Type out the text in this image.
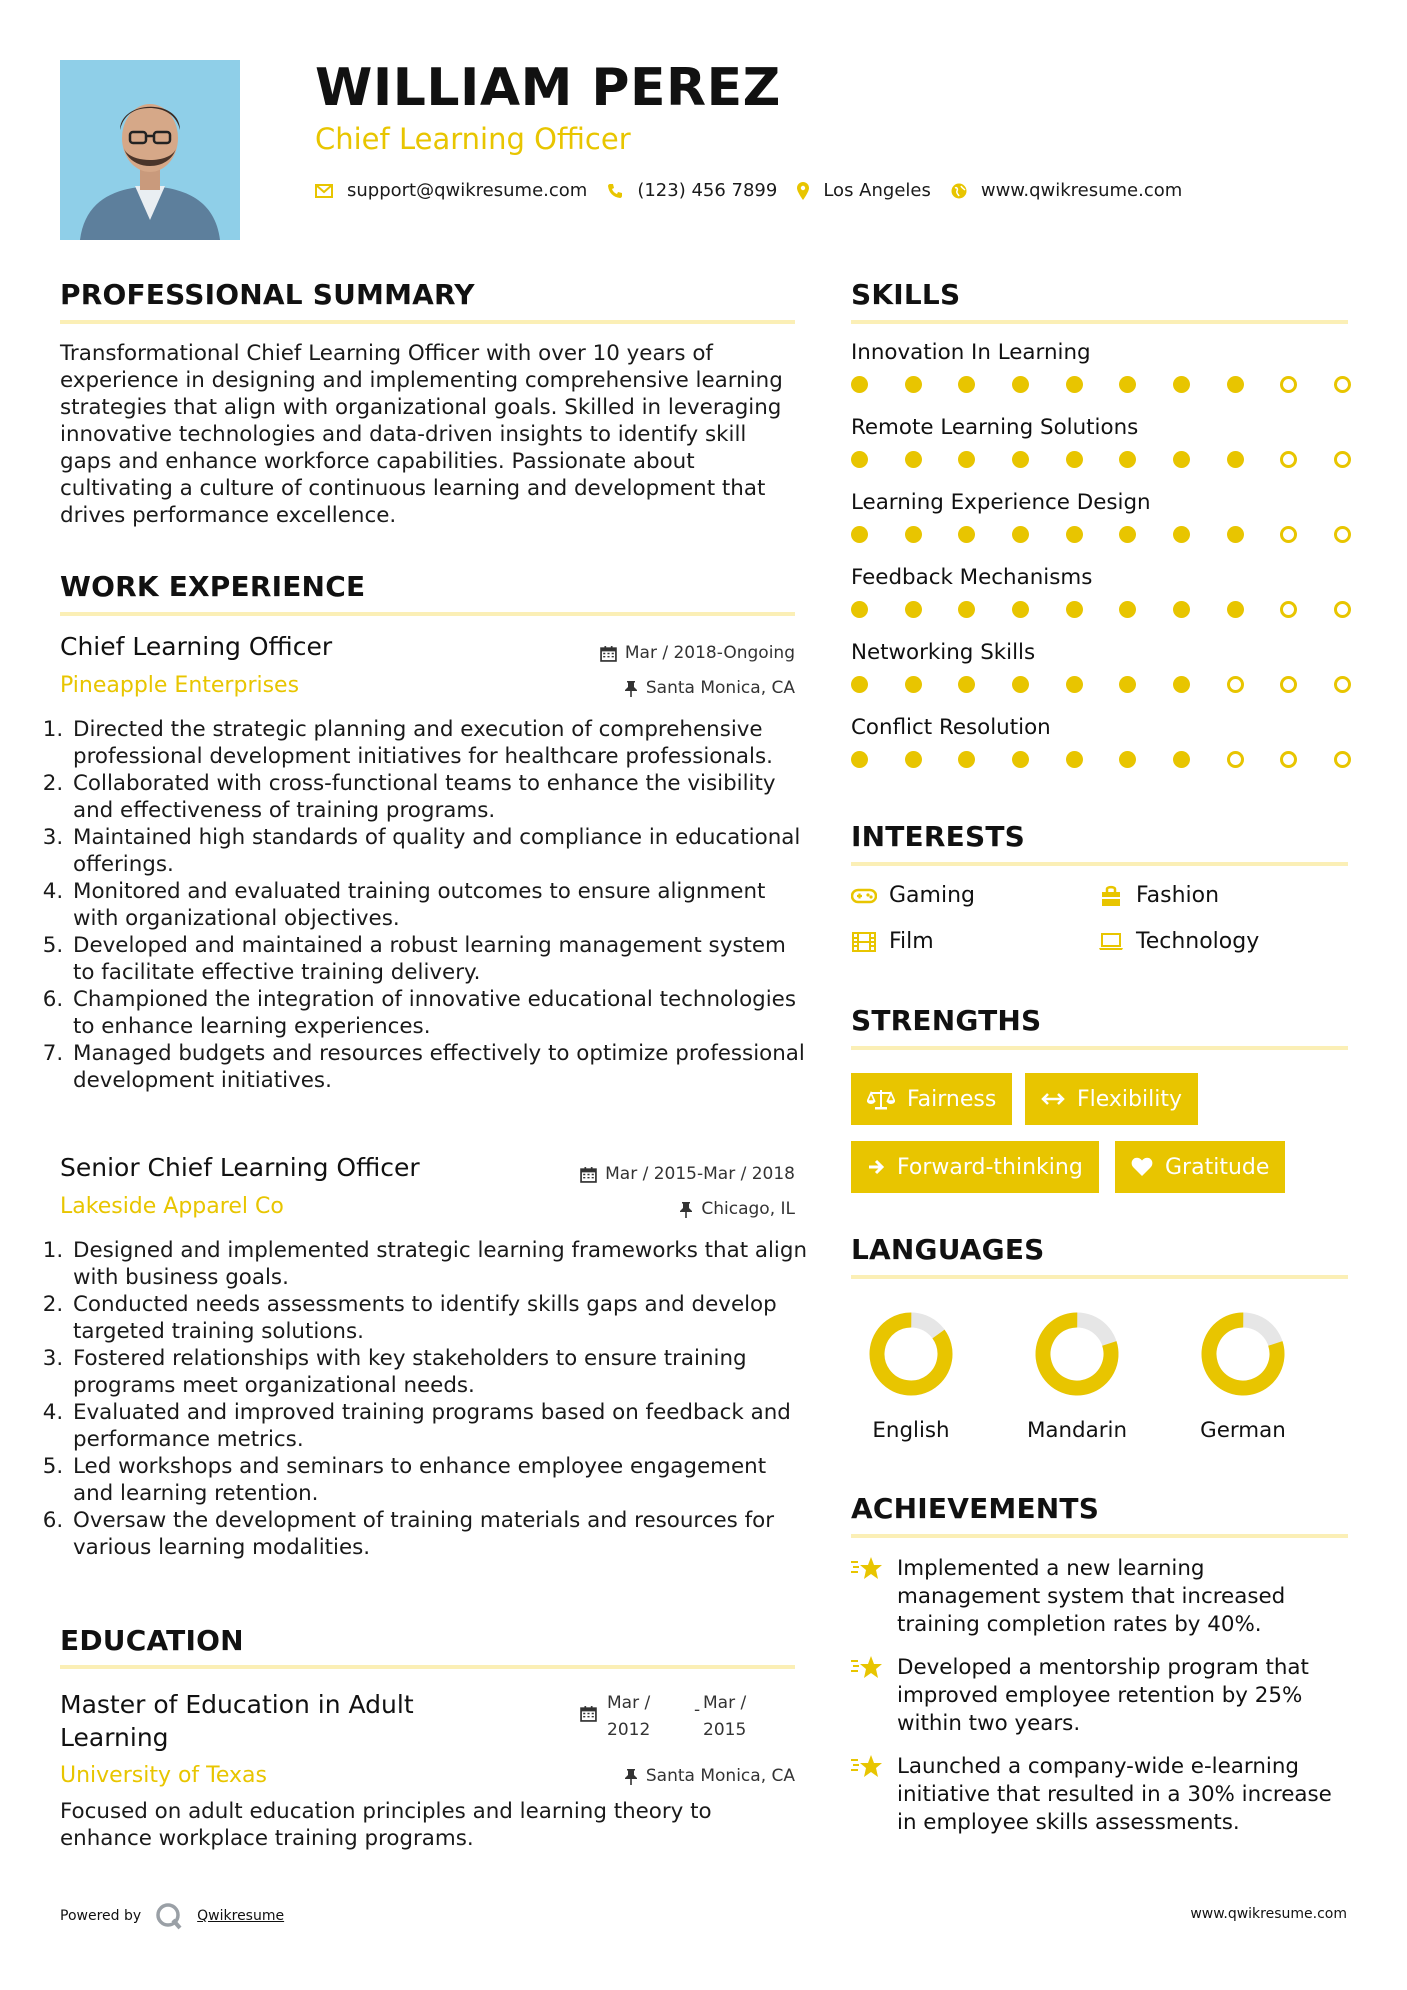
WILLIAM PEREZ
Chief Learning Officer
support@qwikresume.com	(123) 456 7899	Los Angeles	www.qwikresume.com
PROFESSIONAL SUMMARY
Transformational Chief Learning Officer with over 10 years of experience in designing and implementing comprehensive learning strategies that align with organizational goals. Skilled in leveraging innovative technologies and data-driven insights to identify skill gaps and enhance workforce capabilities. Passionate about cultivating a culture of continuous learning and development that drives performance excellence.
WORK EXPERIENCE
Chief Learning Officer	Mar / 2018-Ongoing
Pineapple Enterprises	Santa Monica, CA
1. Directed the strategic planning and execution of comprehensive professional development initiatives for healthcare professionals.
2. Collaborated with cross-functional teams to enhance the visibility and effectiveness of training programs.
3. Maintained high standards of quality and compliance in educational offerings.
4. Monitored and evaluated training outcomes to ensure alignment with organizational objectives.
5. Developed and maintained a robust learning management system to facilitate effective training delivery.
6. Championed the integration of innovative educational technologies to enhance learning experiences.
7. Managed budgets and resources effectively to optimize professional development initiatives.
Senior Chief Learning Officer	Mar / 2015-Mar / 2018
Lakeside Apparel Co	Chicago, IL
1. Designed and implemented strategic learning frameworks that align with business goals.
2. Conducted needs assessments to identify skills gaps and develop targeted training solutions.
3. Fostered relationships with key stakeholders to ensure training programs meet organizational needs.
4. Evaluated and improved training programs based on feedback and performance metrics.
5. Led workshops and seminars to enhance employee engagement and learning retention.
6. Oversaw the development of training materials and resources for various learning modalities.
EDUCATION
Master of Education in Adult
Learning
Mar /
2012
- Mar /
2015
University of Texas	Santa Monica, CA
Focused on adult education principles and learning theory to enhance workplace training programs.
SKILLS
Innovation In Learning
Remote Learning Solutions
Learning Experience Design
Feedback Mechanisms
Networking Skills
Conflict Resolution
INTERESTS
Gaming	Fashion
Film	Technology
STRENGTHS
Fairness	Flexibility
Forward-thinking	Gratitude
LANGUAGES
English	Mandarin	German
ACHIEVEMENTS
Implemented a new learning management system that increased training completion rates by 40%.
Developed a mentorship program that improved employee retention by 25% within two years.
Launched a company-wide e-learning initiative that resulted in a 30% increase in employee skills assessments.
Powered by	Qwikresume	www.qwikresume.com
